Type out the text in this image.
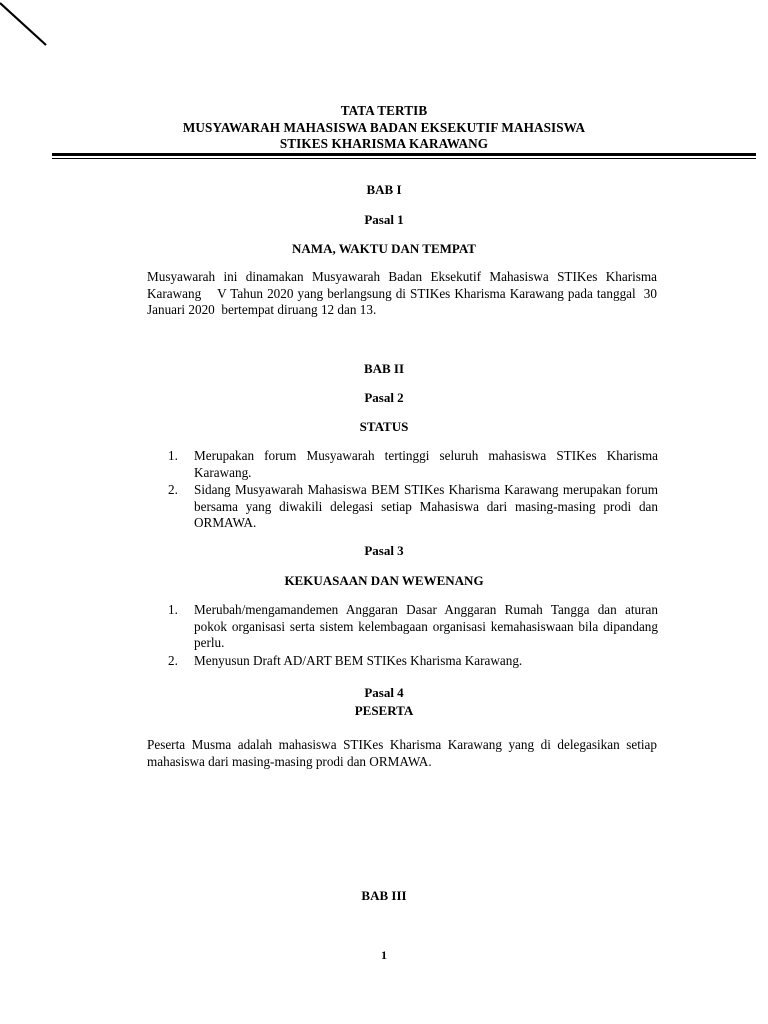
TATA TERTIB
MUSYAWARAH MAHASISWA BADAN EKSEKUTIF MAHASISWA
STIKES KHARISMA KARAWANG
BAB I
Pasal 1
NAMA, WAKTU DAN TEMPAT
Musyawarah ini dinamakan Musyawarah Badan Eksekutif Mahasiswa STIKes Kharisma Karawang    V Tahun 2020 yang berlangsung di STIKes Kharisma Karawang pada tanggal  30 Januari 2020  bertempat diruang 12 dan 13.
BAB II
Pasal 2
STATUS
1. Merupakan forum Musyawarah tertinggi seluruh mahasiswa STIKes Kharisma Karawang.
2. Sidang Musyawarah Mahasiswa BEM STIKes Kharisma Karawang merupakan forum bersama yang diwakili delegasi setiap Mahasiswa dari masing-masing prodi dan ORMAWA.
Pasal 3
KEKUASAAN DAN WEWENANG
1. Merubah/mengamandemen Anggaran Dasar Anggaran Rumah Tangga dan aturan pokok organisasi serta sistem kelembagaan organisasi kemahasiswaan bila dipandang perlu.
2. Menyusun Draft AD/ART BEM STIKes Kharisma Karawang.
Pasal 4
PESERTA
Peserta Musma adalah mahasiswa STIKes Kharisma Karawang yang di delegasikan setiap mahasiswa dari masing-masing prodi dan ORMAWA.
BAB III
1
